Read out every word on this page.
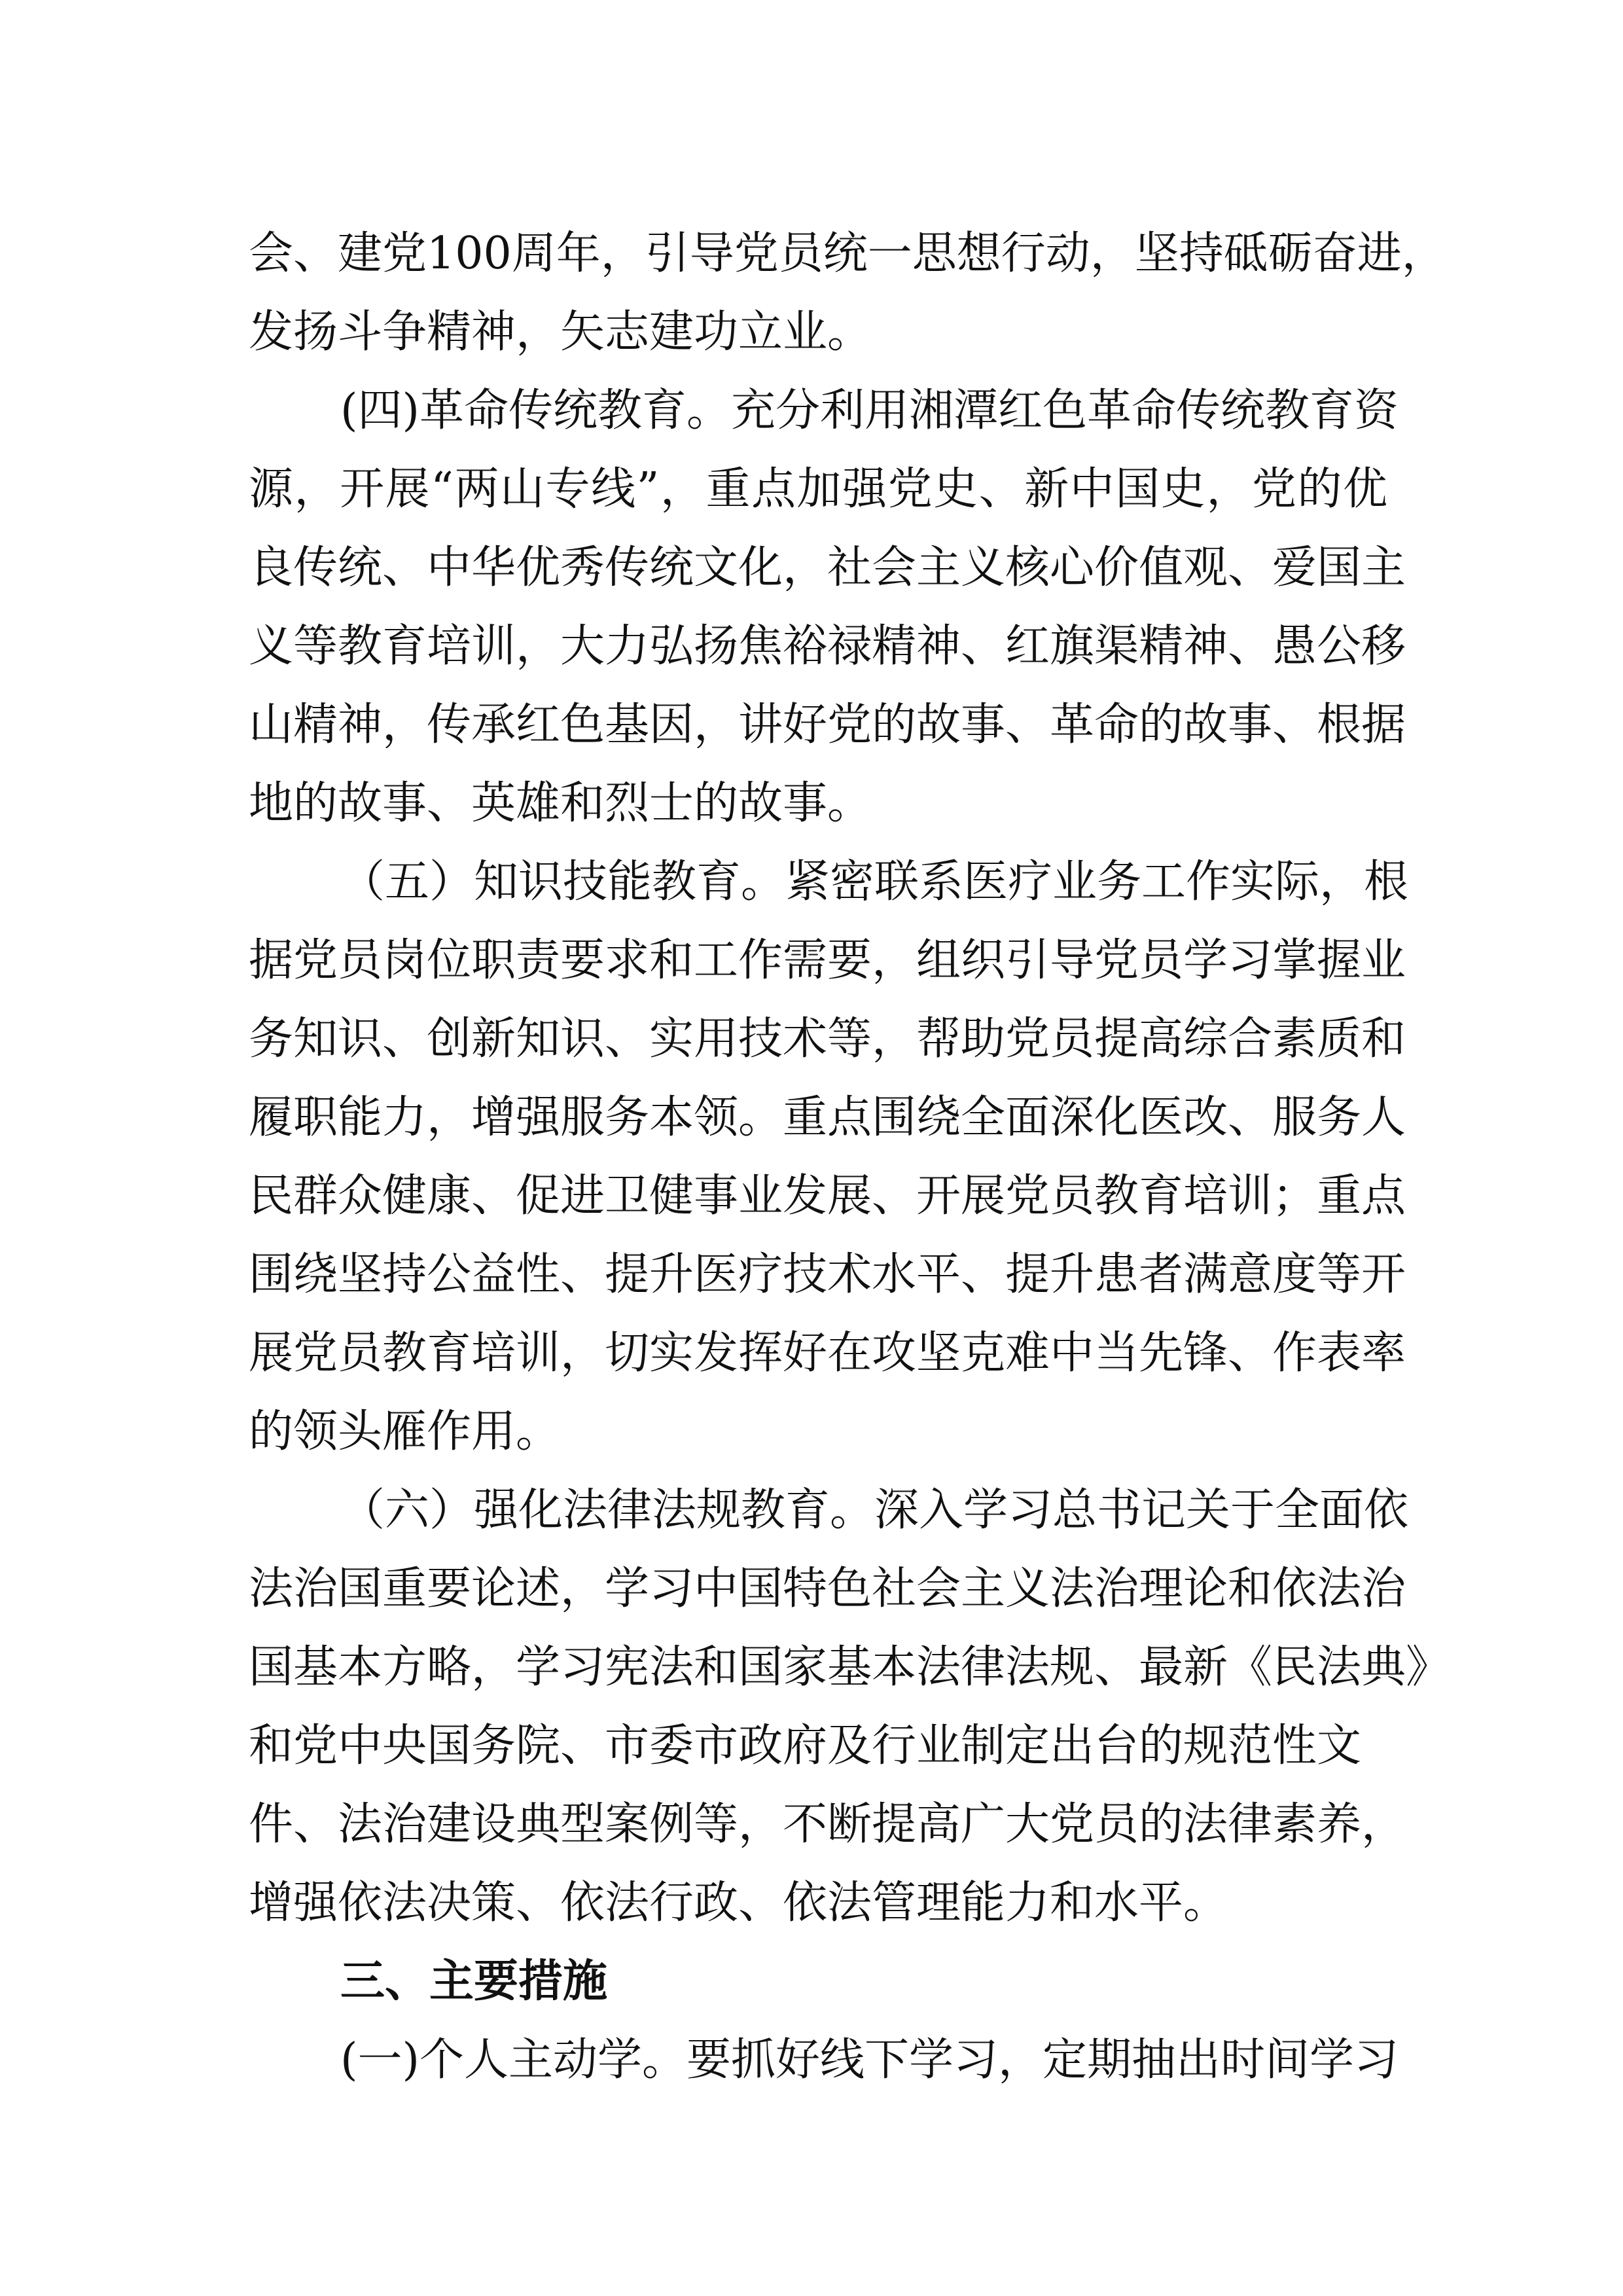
会、建党100周年，引导党员统一思想行动，坚持砥砺奋进，
发扬斗争精神，矢志建功立业。
(四)革命传统教育。充分利用湘潭红色革命传统教育资
源，开展“两山专线”，重点加强党史、新中国史，党的优
良传统、中华优秀传统文化，社会主义核心价值观、爱国主
义等教育培训，大力弘扬焦裕禄精神、红旗渠精神、愚公移
山精神，传承红色基因，讲好党的故事、革命的故事、根据
地的故事、英雄和烈士的故事。
（五）知识技能教育。紧密联系医疗业务工作实际，根
据党员岗位职责要求和工作需要，组织引导党员学习掌握业
务知识、创新知识、实用技术等，帮助党员提高综合素质和
履职能力，增强服务本领。重点围绕全面深化医改、服务人
民群众健康、促进卫健事业发展、开展党员教育培训；重点
围绕坚持公益性、提升医疗技术水平、提升患者满意度等开
展党员教育培训，切实发挥好在攻坚克难中当先锋、作表率
的领头雁作用。
（六）强化法律法规教育。深入学习总书记关于全面依
法治国重要论述，学习中国特色社会主义法治理论和依法治
国基本方略，学习宪法和国家基本法律法规、最新《民法典》
和党中央国务院、市委市政府及行业制定出台的规范性文
件、法治建设典型案例等，不断提高广大党员的法律素养，
增强依法决策、依法行政、依法管理能力和水平。
三、主要措施
(一)个人主动学。要抓好线下学习，定期抽出时间学习
